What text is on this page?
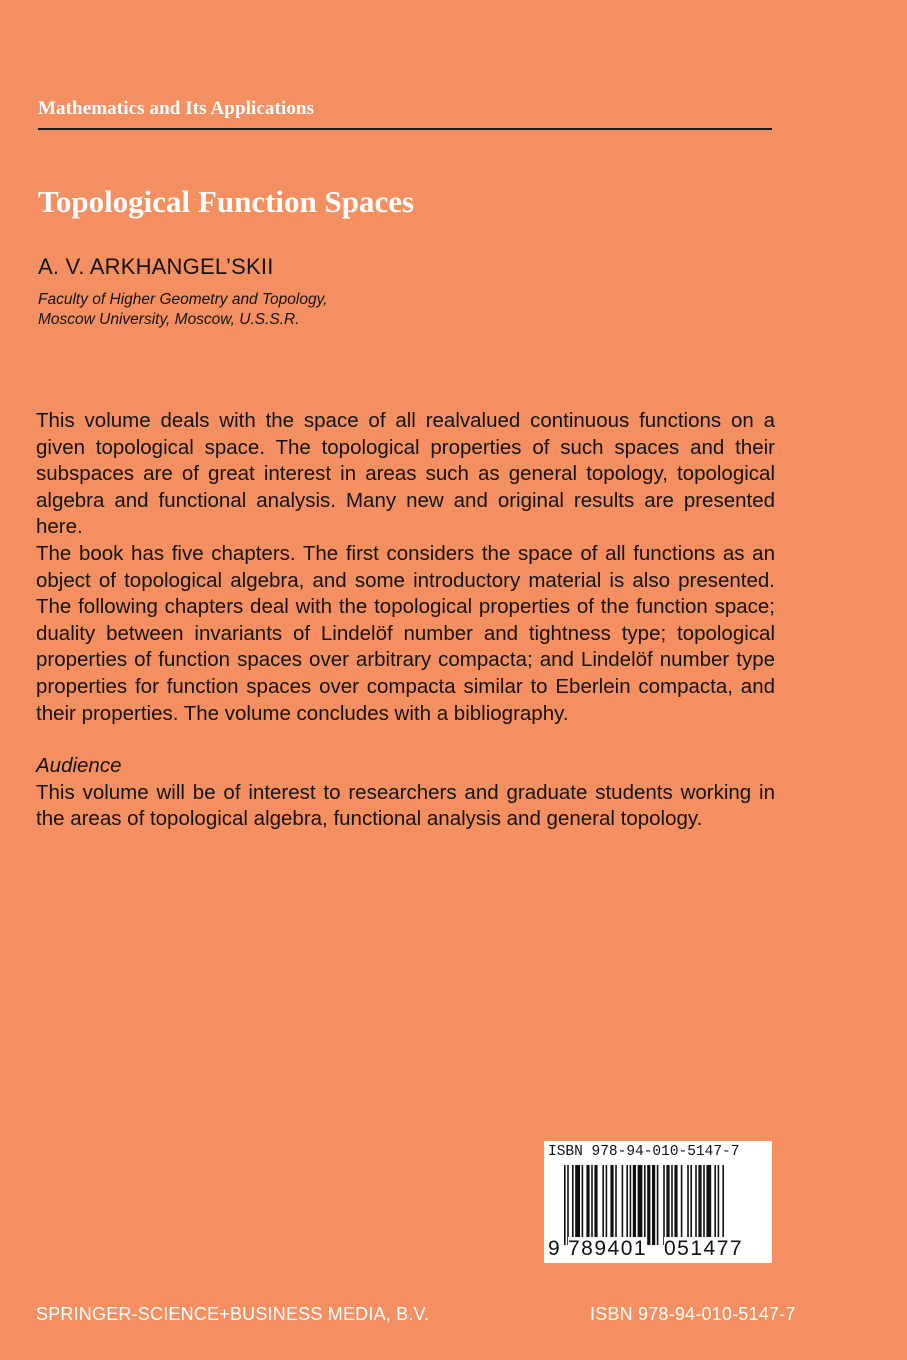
Mathematics and Its Applications
Topological Function Spaces
A. V. ARKHANGEL’SKII
Faculty of Higher Geometry and Topology,
Moscow University, Moscow, U.S.S.R.

This volume deals with the space of all realvalued continuous functions on a given topological space. The topological properties of such spaces and their subspaces are of great interest in areas such as general topology, topological algebra and functional analysis. Many new and original results are presented here.

The book has five chapters. The first considers the space of all functions as an object of topological algebra, and some introductory material is also presented. The following chapters deal with the topological properties of the function space; duality between invariants of Lindelöf number and tightness type; topological properties of function spaces over arbitrary compacta; and Lindelöf number type properties for function spaces over compacta similar to Eberlein compacta, and their properties. The volume concludes with a bibliography.

Audience

This volume will be of interest to researchers and graduate students working in the areas of topological algebra, functional analysis and general topology.

ISBN 978-94-010-5147-7
9 789401 051477
SPRINGER-SCIENCE+BUSINESS MEDIA, B.V.	ISBN 978-94-010-5147-7
